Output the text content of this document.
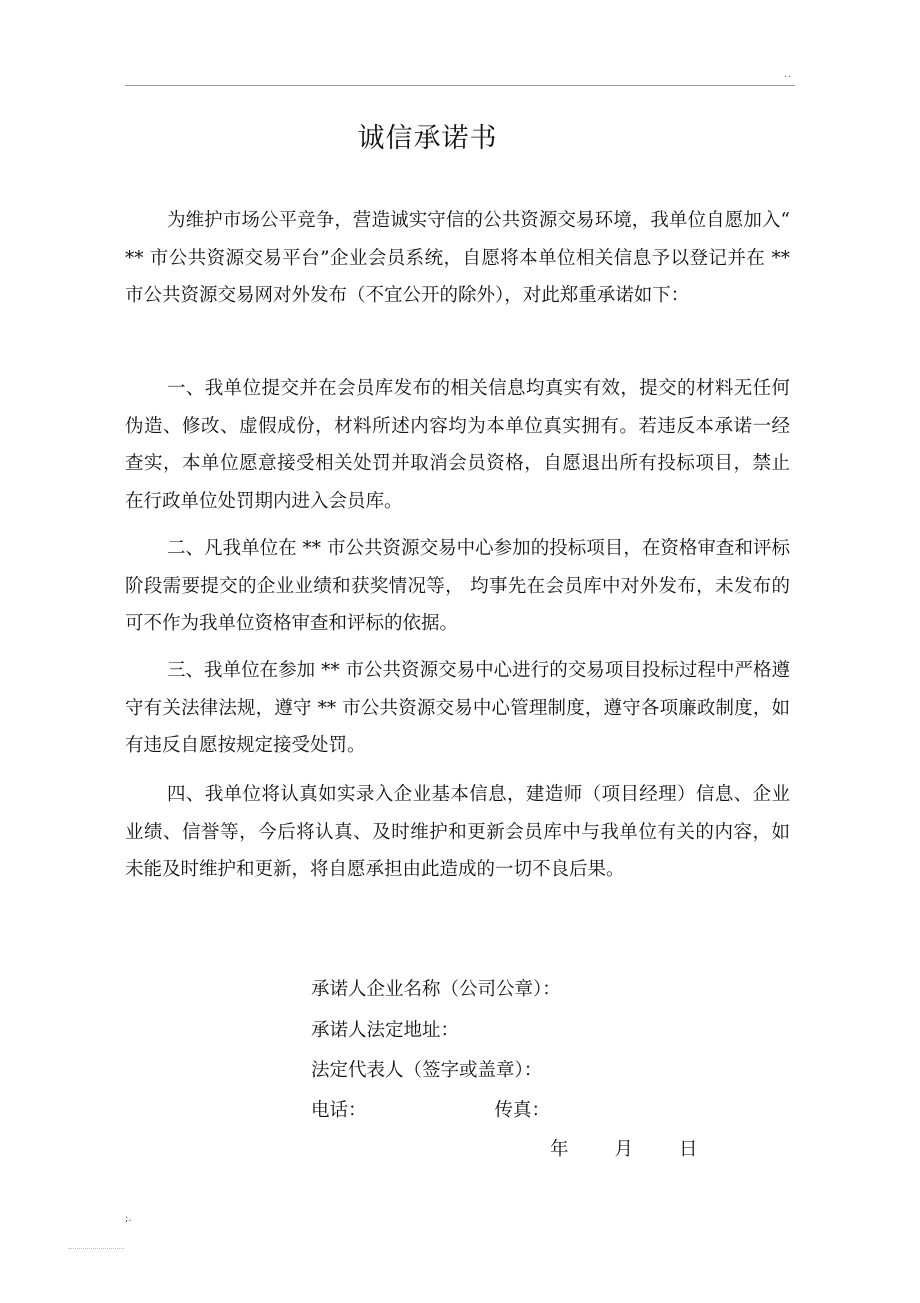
..
诚信承诺书

为维护市场公平竞争，营造诚实守信的公共资源交易环境，我单位自愿加入“ ** 市公共资源交易平台”企业会员系统，自愿将本单位相关信息予以登记并在 ** 市公共资源交易网对外发布（不宜公开的除外），对此郑重承诺如下：

一、我单位提交并在会员库发布的相关信息均真实有效，提交的材料无任何伪造、修改、虚假成份，材料所述内容均为本单位真实拥有。若违反本承诺一经查实，本单位愿意接受相关处罚并取消会员资格，自愿退出所有投标项目，禁止在行政单位处罚期内进入会员库。

二、凡我单位在 ** 市公共资源交易中心参加的投标项目，在资格审查和评标阶段需要提交的企业业绩和获奖情况等， 均事先在会员库中对外发布，未发布的可不作为我单位资格审查和评标的依据。

三、我单位在参加 ** 市公共资源交易中心进行的交易项目投标过程中严格遵守有关法律法规，遵守 ** 市公共资源交易中心管理制度，遵守各项廉政制度，如有违反自愿按规定接受处罚。

四、我单位将认真如实录入企业基本信息，建造师（项目经理）信息、企业业绩、信誉等，今后将认真、及时维护和更新会员库中与我单位有关的内容，如未能及时维护和更新，将自愿承担由此造成的一切不良后果。

承诺人企业名称（公司公章）：
承诺人法定地址：
法定代表人（签字或盖章）：
电话：	传真：
年 月 日
;.
